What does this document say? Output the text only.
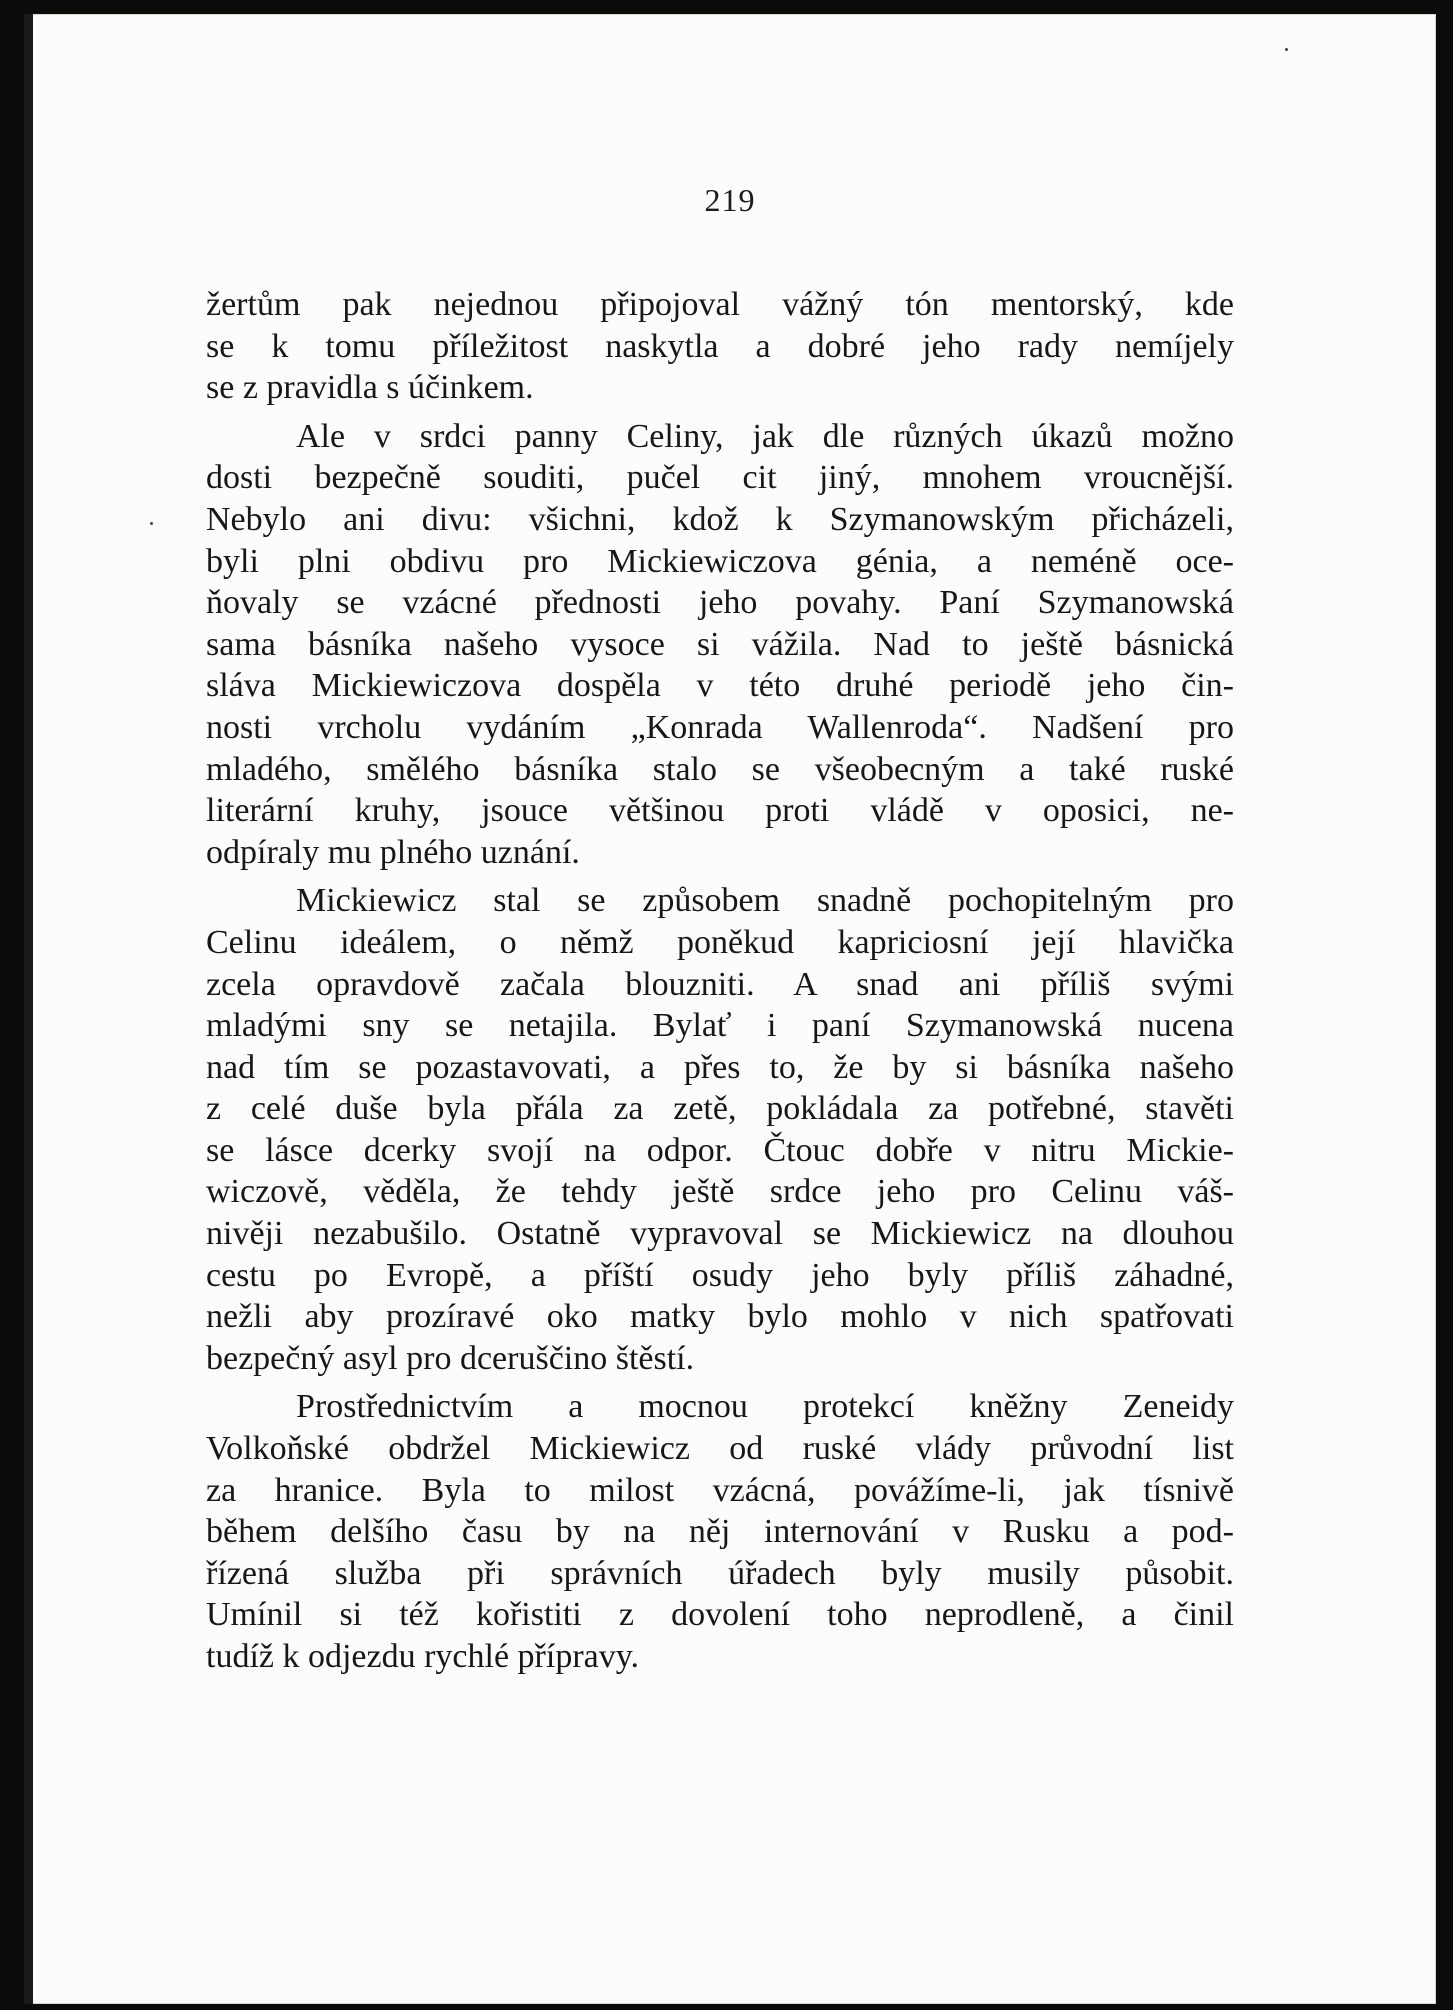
219
žertům pak nejednou připojoval vážný tón mentorský, kde
se k tomu příležitost naskytla a dobré jeho rady nemíjely
se z pravidla s účinkem.
Ale v srdci panny Celiny, jak dle různých úkazů možno
dosti bezpečně souditi, pučel cit jiný, mnohem vroucnější.
Nebylo ani divu: všichni, kdož k Szymanowským přicházeli,
byli plni obdivu pro Mickiewiczova génia, a neméně oce-
ňovaly se vzácné přednosti jeho povahy. Paní Szymanowská
sama básníka našeho vysoce si vážila. Nad to ještě básnická
sláva Mickiewiczova dospěla v této druhé periodě jeho čin-
nosti vrcholu vydáním „Konrada Wallenroda“. Nadšení pro
mladého, smělého básníka stalo se všeobecným a také ruské
literární kruhy, jsouce většinou proti vládě v oposici, ne-
odpíraly mu plného uznání.
Mickiewicz stal se způsobem snadně pochopitelným pro
Celinu ideálem, o němž poněkud kapriciosní její hlavička
zcela opravdově začala blouzniti. A snad ani příliš svými
mladými sny se netajila. Bylať i paní Szymanowská nucena
nad tím se pozastavovati, a přes to, že by si básníka našeho
z celé duše byla přála za zetě, pokládala za potřebné, stavěti
se lásce dcerky svojí na odpor. Čtouc dobře v nitru Mickie-
wiczově, věděla, že tehdy ještě srdce jeho pro Celinu váš-
nivěji nezabušilo. Ostatně vypravoval se Mickiewicz na dlouhou
cestu po Evropě, a příští osudy jeho byly příliš záhadné,
nežli aby prozíravé oko matky bylo mohlo v nich spatřovati
bezpečný asyl pro dceruščino štěstí.
Prostřednictvím a mocnou protekcí kněžny Zeneidy
Volkoňské obdržel Mickiewicz od ruské vlády průvodní list
za hranice. Byla to milost vzácná, povážíme-li, jak tísnivě
během delšího času by na něj internování v Rusku a pod-
řízená služba při správních úřadech byly musily působit.
Umínil si též kořistiti z dovolení toho neprodleně, a činil
tudíž k odjezdu rychlé přípravy.
